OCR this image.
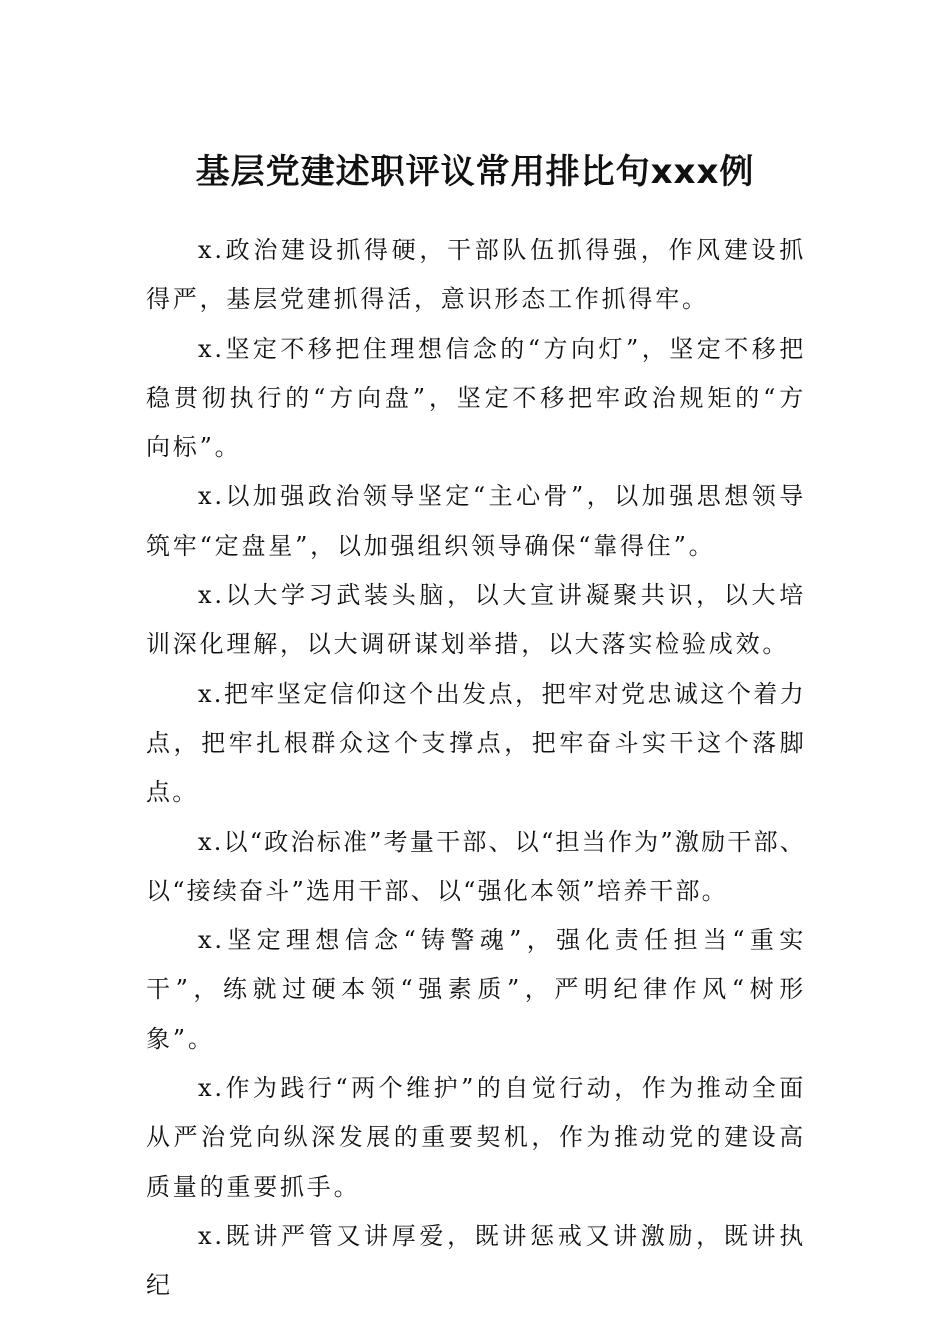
基层党建述职评议常用排比句xxx例

x.政治建设抓得硬，干部队伍抓得强，作风建设抓得严，基层党建抓得活，意识形态工作抓得牢。

x.坚定不移把住理想信念的“方向灯”，坚定不移把稳贯彻执行的“方向盘”，坚定不移把牢政治规矩的“方向标”。

x.以加强政治领导坚定“主心骨”，以加强思想领导筑牢“定盘星”，以加强组织领导确保“靠得住”。

x.以大学习武装头脑，以大宣讲凝聚共识，以大培训深化理解，以大调研谋划举措，以大落实检验成效。

x.把牢坚定信仰这个出发点，把牢对党忠诚这个着力点，把牢扎根群众这个支撑点，把牢奋斗实干这个落脚点。

x.以“政治标准”考量干部、以“担当作为”激励干部、以“接续奋斗”选用干部、以“强化本领”培养干部。

x.坚定理想信念“铸警魂”，强化责任担当“重实干”，练就过硬本领“强素质”，严明纪律作风“树形象”。

x.作为践行“两个维护”的自觉行动，作为推动全面从严治党向纵深发展的重要契机，作为推动党的建设高质量的重要抓手。

x.既讲严管又讲厚爱，既讲惩戒又讲激励，既讲执纪
